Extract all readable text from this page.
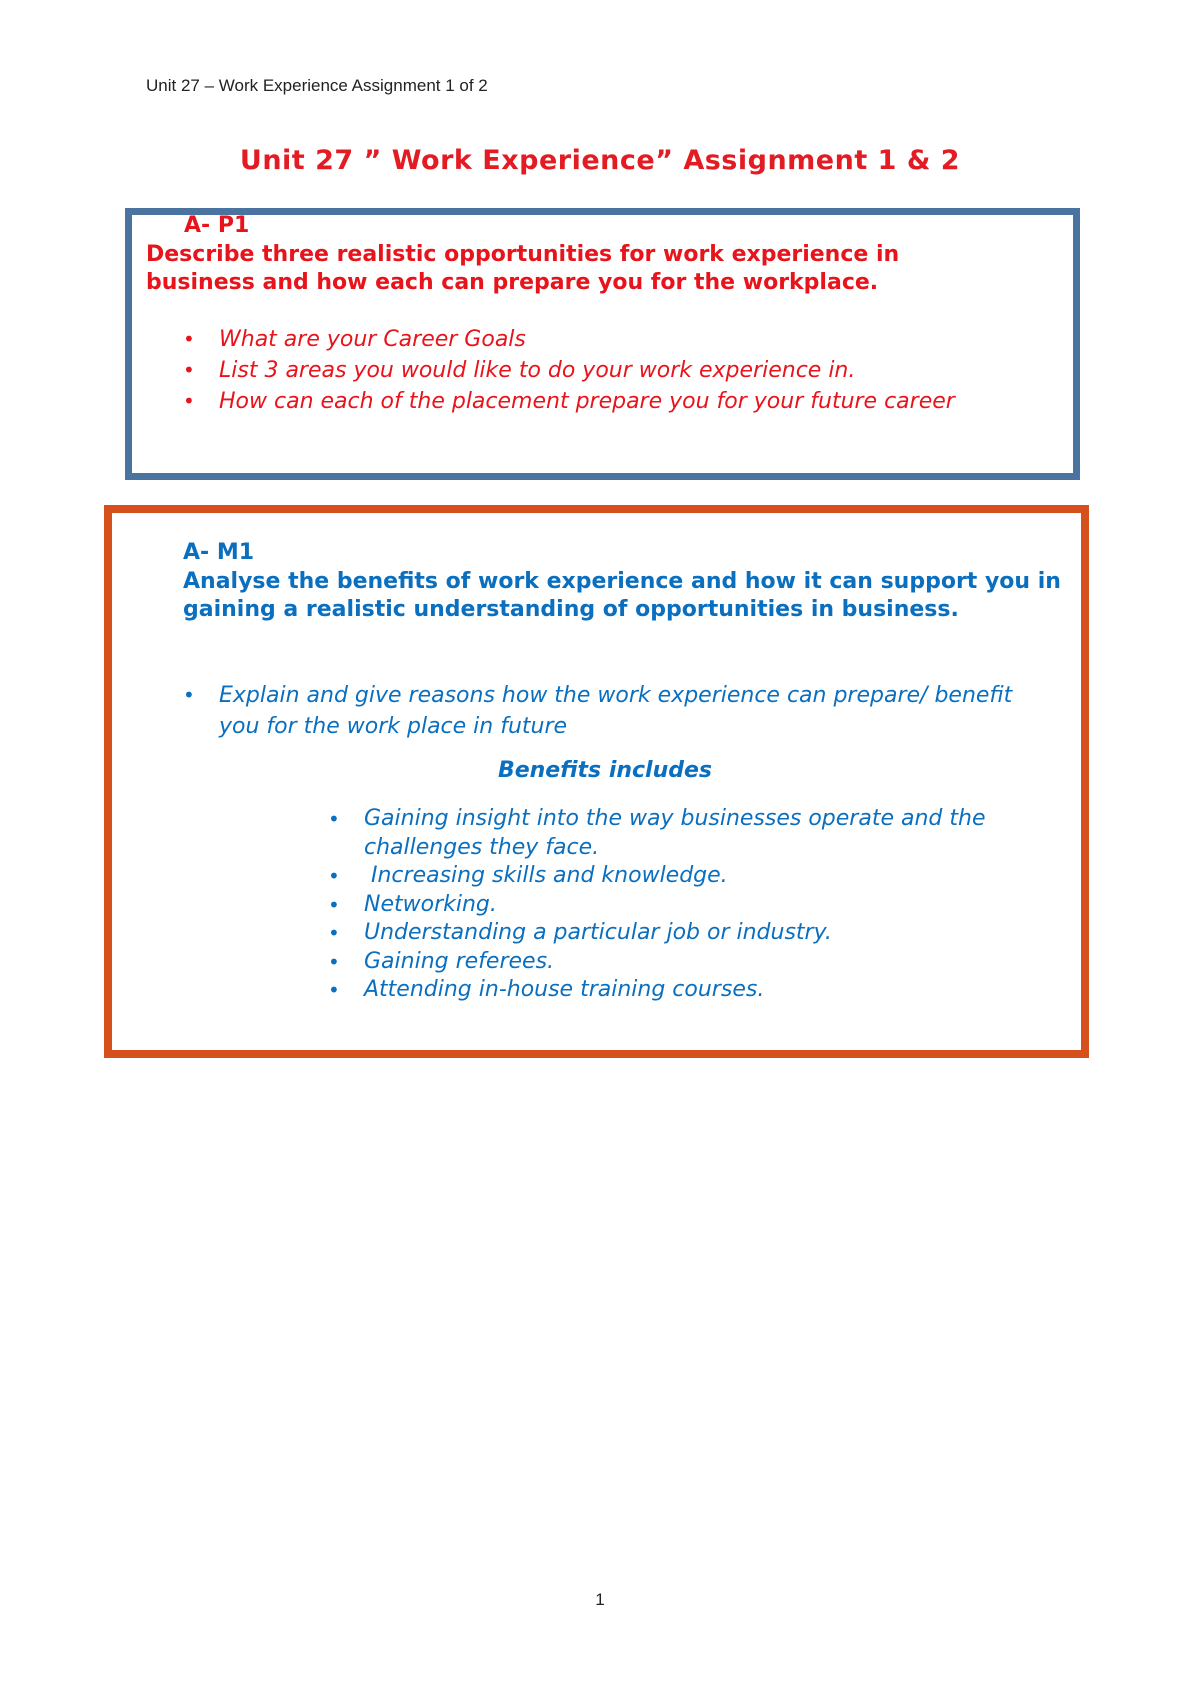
Unit 27 – Work Experience Assignment 1 of 2
Unit 27 ” Work Experience” Assignment 1 & 2
A- P1
Describe three realistic opportunities for work experience in business and how each can prepare you for the workplace.
• What are your Career Goals
• List 3 areas you would like to do your work experience in.
• How can each of the placement prepare you for your future career
A- M1
Analyse the benefits of work experience and how it can support you in gaining a realistic understanding of opportunities in business.
• Explain and give reasons how the work experience can prepare/ benefit you for the work place in future
Benefits includes
• Gaining insight into the way businesses operate and the challenges they face.
• Increasing skills and knowledge.
• Networking.
• Understanding a particular job or industry.
• Gaining referees.
• Attending in-house training courses.
1
